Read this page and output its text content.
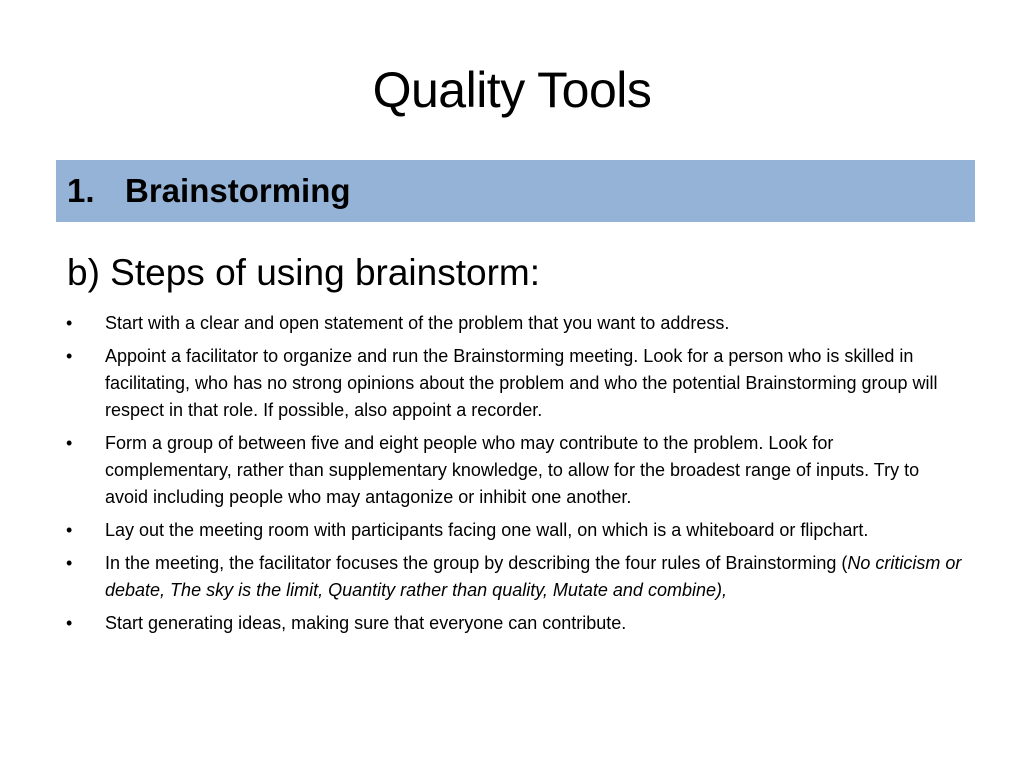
Quality Tools
1. Brainstorming
b) Steps of using brainstorm:
• Start with a clear and open statement of the problem that you want to address.
• Appoint a facilitator to organize and run the Brainstorming meeting. Look for a person who is skilled in facilitating, who has no strong opinions about the problem and who the potential Brainstorming group will respect in that role. If possible, also appoint a recorder.
• Form a group of between five and eight people who may contribute to the problem. Look for complementary, rather than supplementary knowledge, to allow for the broadest range of inputs. Try to avoid including people who may antagonize or inhibit one another.
• Lay out the meeting room with participants facing one wall, on which is a whiteboard or flipchart.
• In the meeting, the facilitator focuses the group by describing the four rules of Brainstorming (No criticism or debate, The sky is the limit, Quantity rather than quality, Mutate and combine),
• Start generating ideas, making sure that everyone can contribute.
